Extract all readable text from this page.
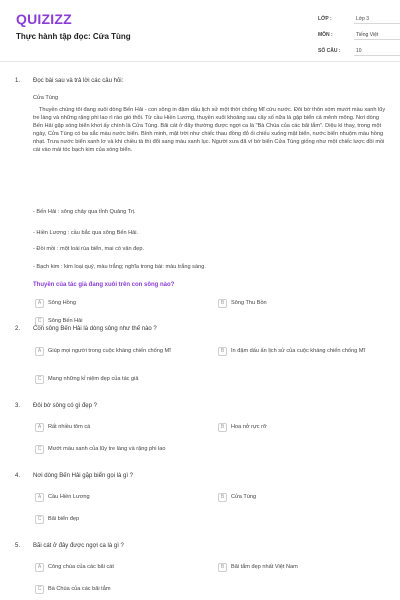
QUIZIZZ
Thực hành tập đọc: Cửa Tùng
LỚP :	Lớp 3
MÔN :	Tiếng Việt
SỐ CÂU :	10
1. Đọc bài sau và trả lời các câu hỏi:

Cửa Tùng

Thuyền chúng tôi đang xuôi dòng Bến Hải - con sông in đậm dấu lịch sử một thời chống Mĩ cứu nước. Đôi bờ thôn xóm mướt màu xanh lũy tre làng và những rặng phi lao rì rào gió thổi. Từ cầu Hiền Lương, thuyền xuôi khoảng sau cây số nữa là gặp biển cả mênh mông. Nơi dòng Bến Hải gặp sóng biển khơi ấy chính là Cửa Tùng. Bãi cát ở đây thường được ngợi ca là "Bà Chúa của các bãi tắm". Diệu kì thay, trong một ngày, Cửa Tùng có ba sắc màu nước biển. Bình minh, mặt trời như chiếc thau đồng đỏ ối chiếu xuống mặt biển, nước biển nhuộm màu hồng nhạt. Trưa nước biển xanh lơ và khi chiều tà thì đổi sang màu xanh lục. Người xưa đã ví bờ biển Cửa Tùng giống như một chiếc lược đồi mồi cài vào mái tóc bạch kim của sóng biển.

- Bến Hải : sông chảy qua tỉnh Quảng Trị.
- Hiền Lương : cầu bắc qua sông Bến Hải.
- Đồi mồi : một loài rùa biển, mai có vân đẹp.
- Bạch kim : kim loại quý, màu trắng; nghĩa trong bài: màu trắng sáng.
Thuyền của tác giả đang xuôi trên con sông nào?
A	Sông Hồng	B	Sông Thu Bồn
C	Sông Bến Hải
2. Con sông Bến Hải là dòng sông như thế nào ?
A	Giúp mọi người trong cuộc kháng chiến chống Mĩ	B	In đậm dấu ấn lịch sử của cuộc kháng chiến chống Mĩ
C	Mang những kỉ niệm đẹp của tác giả
3. Đôi bờ sông có gì đẹp ?
A	Rất nhiều tôm cá	B	Hoa nở rực rỡ
C	Mướt màu xanh của lũy tre làng và rặng phi lao
4. Nơi dòng Bến Hải gặp biển gọi là gì ?
A	Cầu Hiền Lương	B	Cửa Tùng
C	Bãi biển đẹp
5. Bãi cát ở đây được ngợi ca là gì ?
A	Công chúa của các bãi cát	B	Bãi tắm đẹp nhất Việt Nam
C	Bà Chúa của các bãi tắm
